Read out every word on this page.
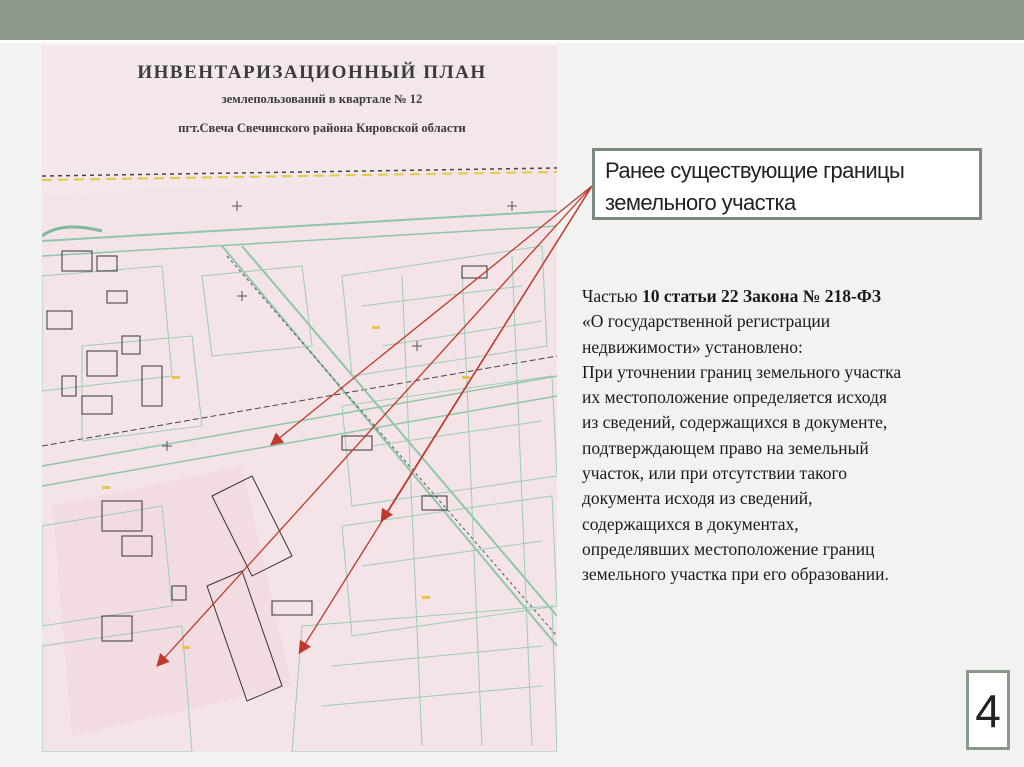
ИНВЕНТАРИЗАЦИОННЫЙ ПЛАН
землепользований в квартале № 12
пгт.Свеча Свечинского района Кировской области
Ранее существующие границы
земельного участка
Частью 10 статьи 22 Закона № 218-ФЗ
«О государственной регистрации
недвижимости» установлено:
При уточнении границ земельного участка
их местоположение определяется исходя
из сведений, содержащихся в документе,
подтверждающем право на земельный
участок, или при отсутствии такого
документа исходя из сведений,
содержащихся в документах,
определявших местоположение границ
земельного участка при его образовании.
4
